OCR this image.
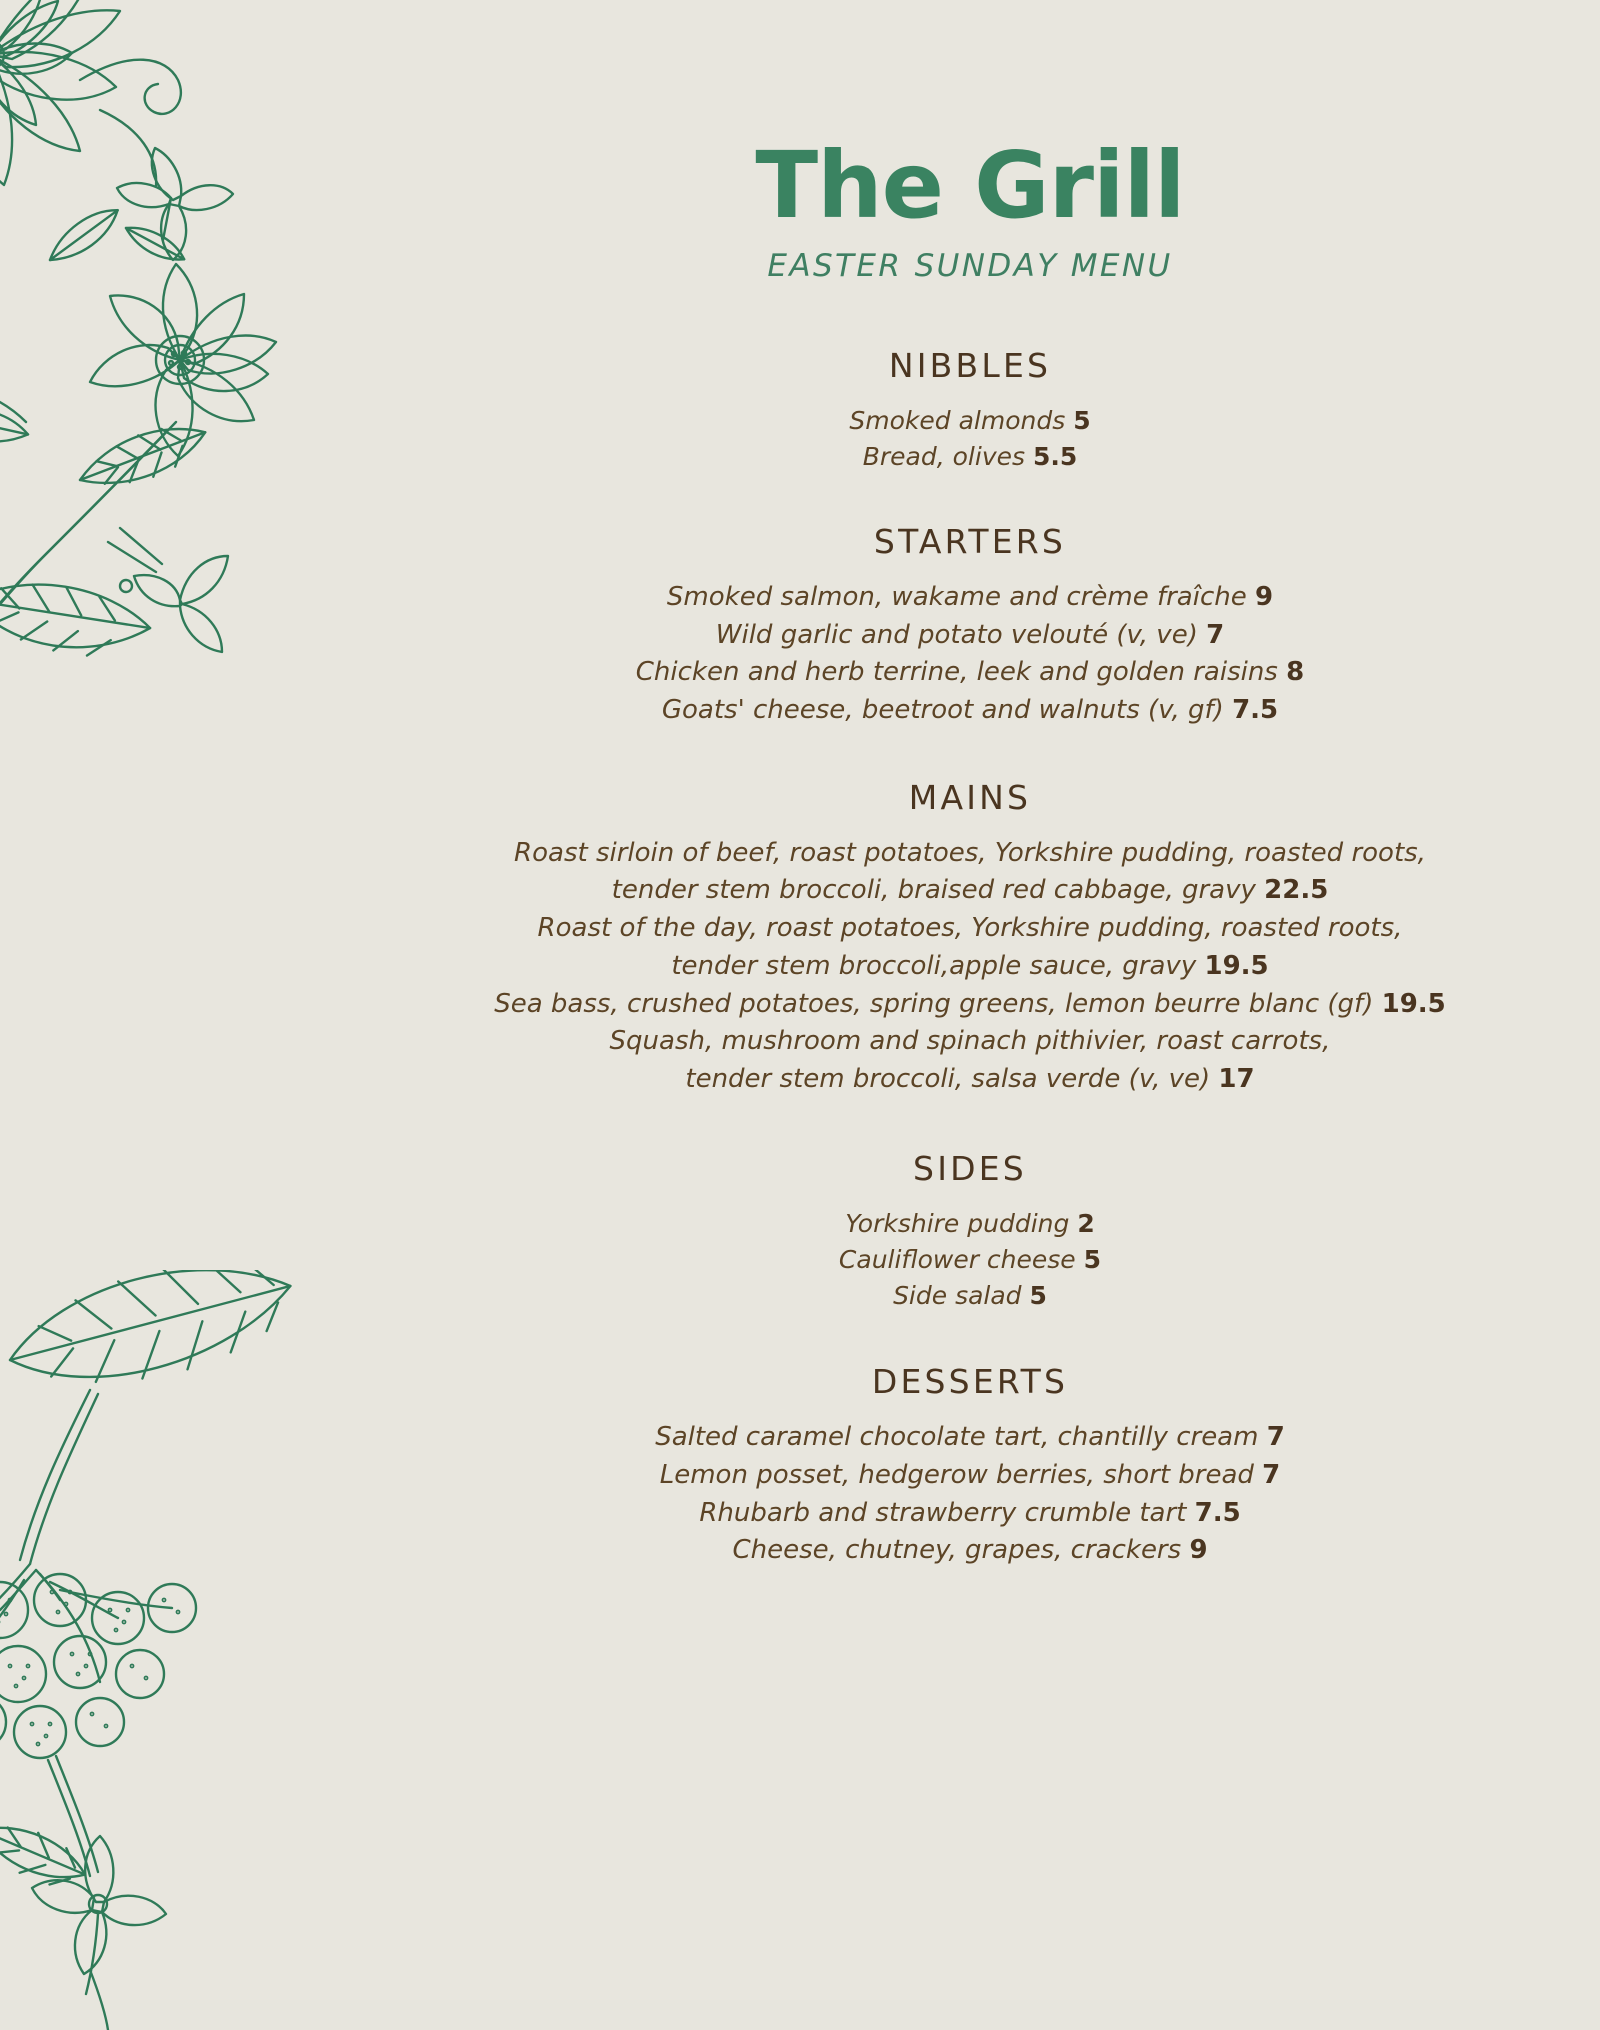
The Grill
EASTER SUNDAY MENU
NIBBLES

Smoked almonds 5

Bread, olives 5.5

STARTERS

Smoked salmon, wakame and crème fraîche 9

Wild garlic and potato velouté (v, ve) 7

Chicken and herb terrine, leek and golden raisins 8

Goats' cheese, beetroot and walnuts (v, gf) 7.5

MAINS

Roast sirloin of beef, roast potatoes, Yorkshire pudding, roasted roots,
tender stem broccoli, braised red cabbage, gravy 22.5

Roast of the day, roast potatoes, Yorkshire pudding, roasted roots,
tender stem broccoli,apple sauce, gravy 19.5

Sea bass, crushed potatoes, spring greens, lemon beurre blanc (gf) 19.5

Squash, mushroom and spinach pithivier, roast carrots,
tender stem broccoli, salsa verde (v, ve) 17

SIDES

Yorkshire pudding 2

Cauliflower cheese 5

Side salad 5

DESSERTS

Salted caramel chocolate tart, chantilly cream 7

Lemon posset, hedgerow berries, short bread 7

Rhubarb and strawberry crumble tart 7.5

Cheese, chutney, grapes, crackers 9
